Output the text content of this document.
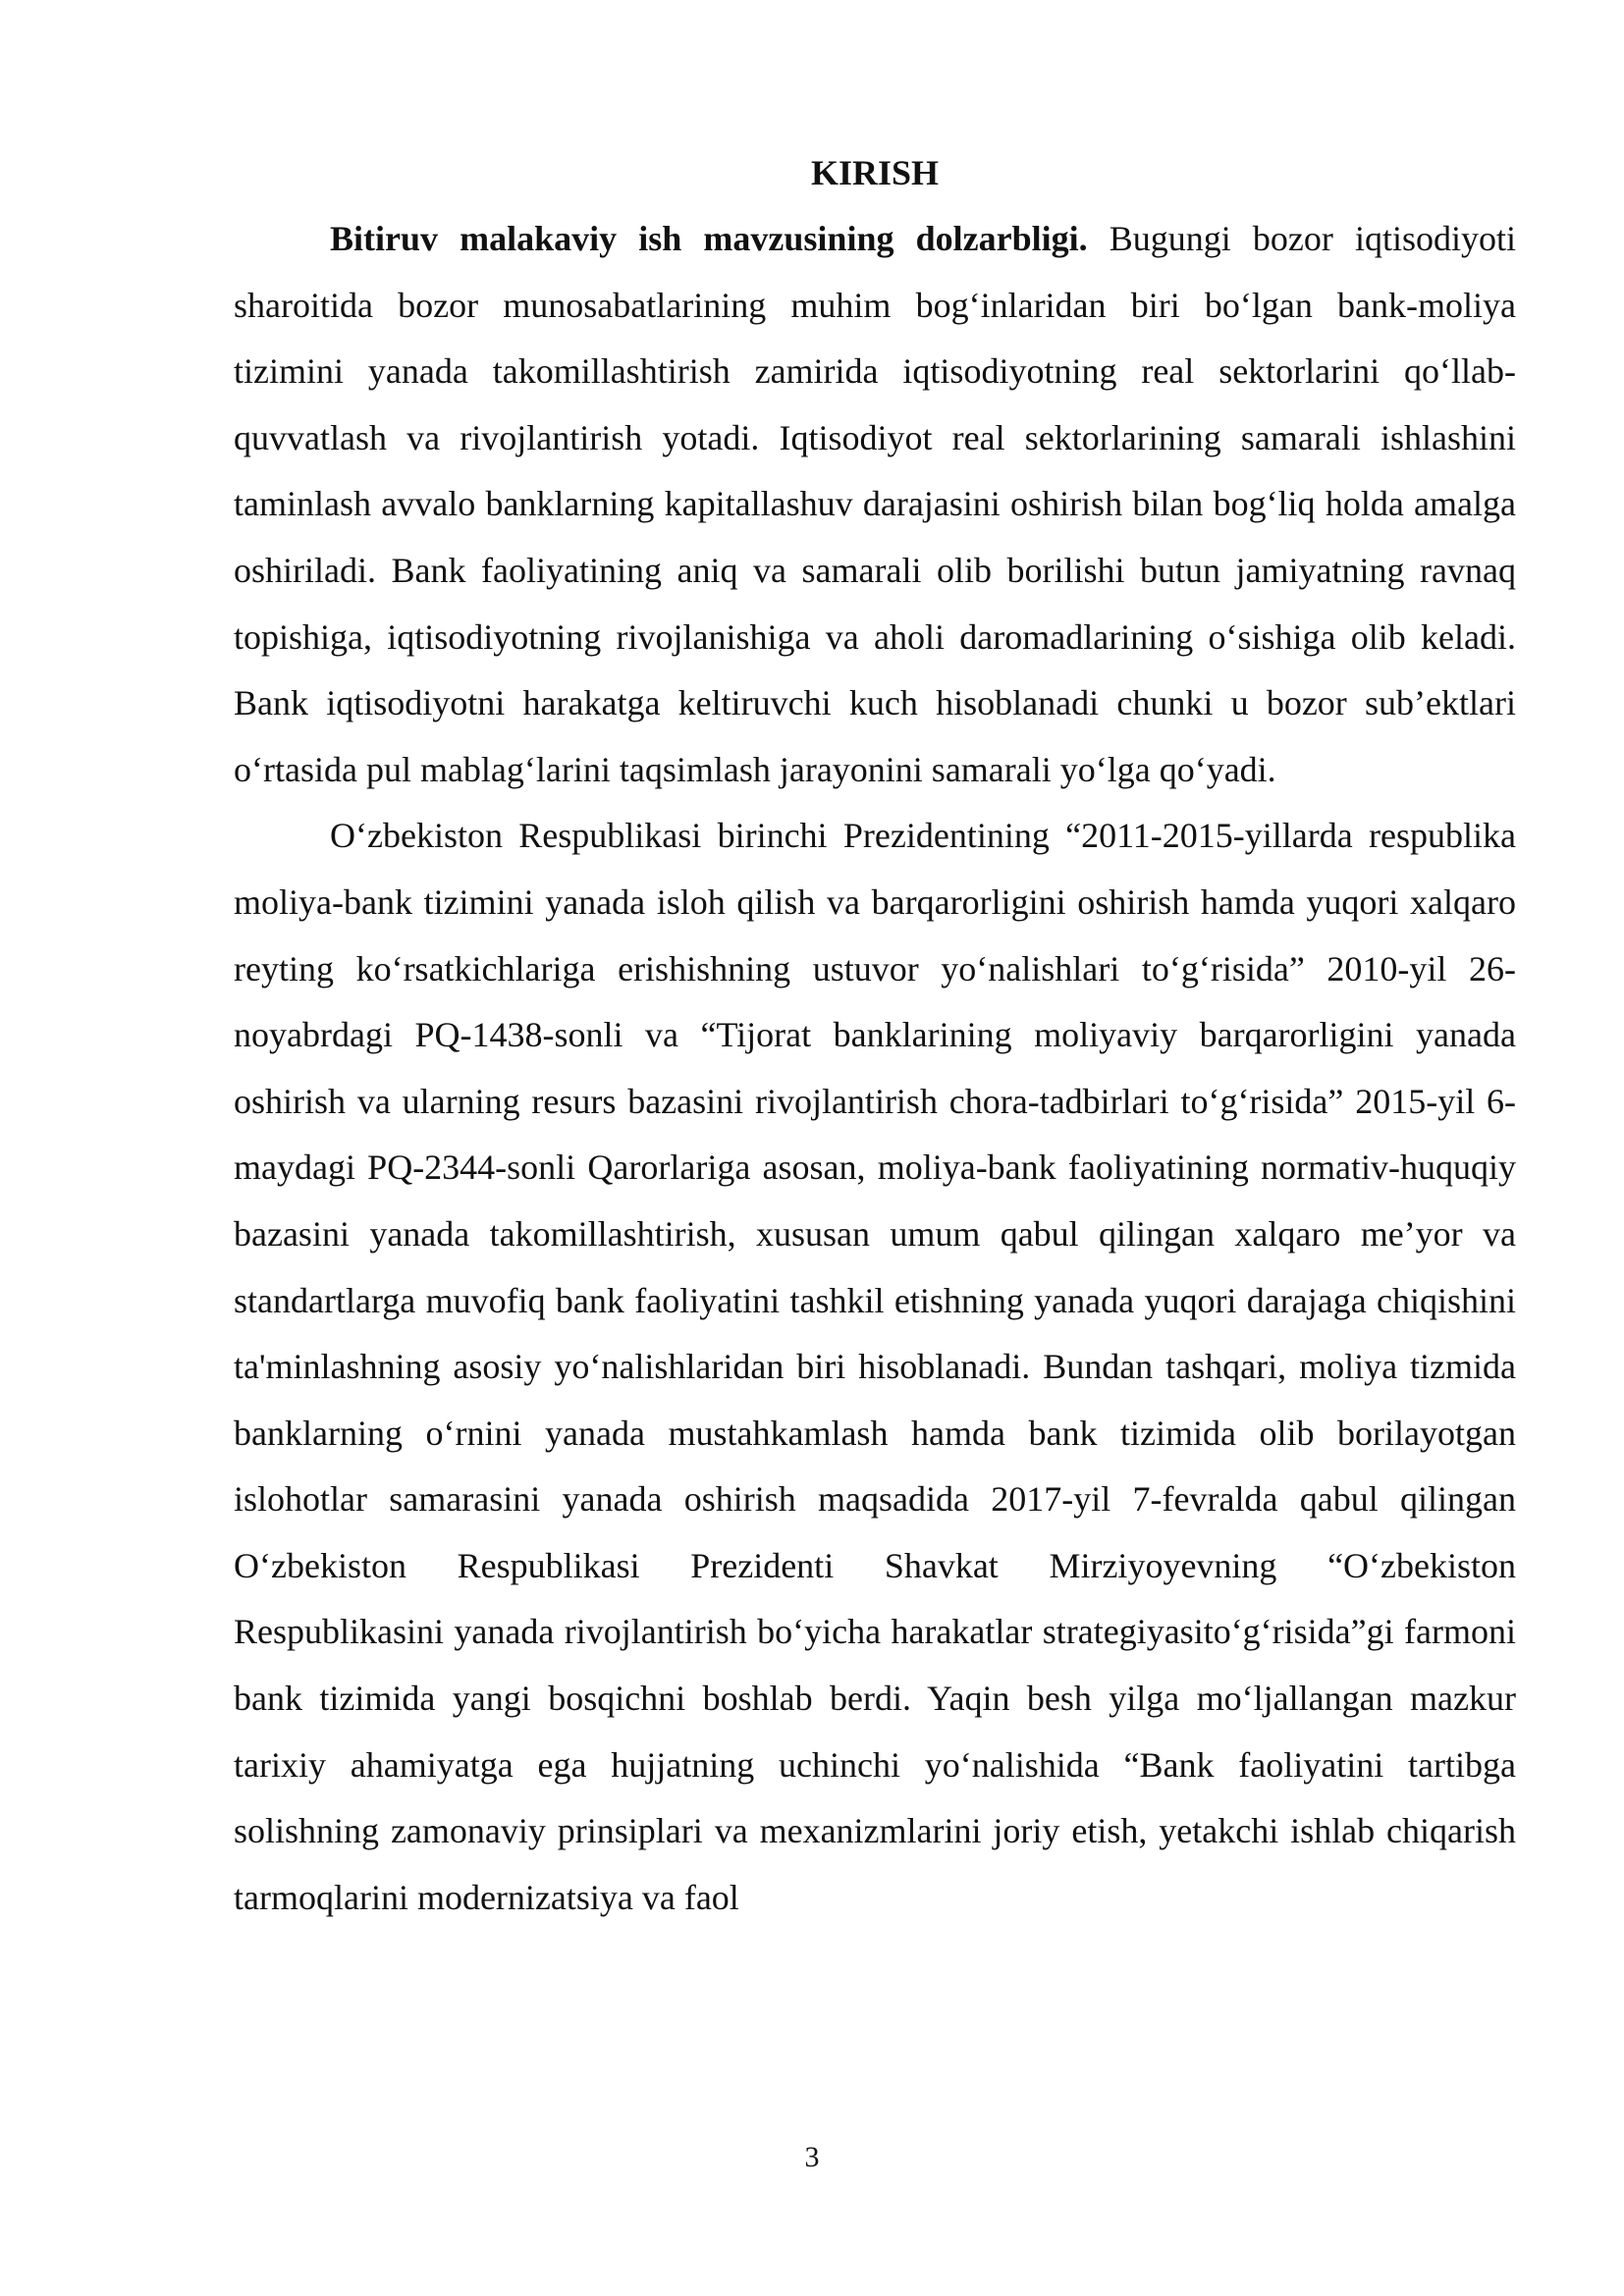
KIRISH

Bitiruv malakaviy ish mavzusining dolzarbligi. Bugungi bozor iqtisodiyoti sharoitida bozor munosabatlarining muhim bog‘inlaridan biri bo‘lgan bank-moliya tizimini yanada takomillashtirish zamirida iqtisodiyotning real sektorlarini qo‘llab-quvvatlash va rivojlantirish yotadi. Iqtisodiyot real sektorlarining samarali ishlashini taminlash avvalo banklarning kapitallashuv darajasini oshirish bilan bog‘liq holda amalga oshiriladi. Bank faoliyatining aniq va samarali olib borilishi butun jamiyatning ravnaq topishiga, iqtisodiyotning rivojlanishiga va aholi daromadlarining o‘sishiga olib keladi. Bank iqtisodiyotni harakatga keltiruvchi kuch hisoblanadi chunki u bozor sub’ektlari o‘rtasida pul mablag‘larini taqsimlash jarayonini samarali yo‘lga qo‘yadi.

O‘zbekiston Respublikasi birinchi Prezidentining “2011-2015-yillarda respublika moliya-bank tizimini yanada isloh qilish va barqarorligini oshirish hamda yuqori xalqaro reyting ko‘rsatkichlariga erishishning ustuvor yo‘nalishlari to‘g‘risida” 2010-yil 26-noyabrdagi PQ-1438-sonli va “Tijorat banklarining moliyaviy barqarorligini yanada oshirish va ularning resurs bazasini rivojlantirish chora-tadbirlari to‘g‘risida” 2015-yil 6-maydagi PQ-2344-sonli Qarorlariga asosan, moliya-bank faoliyatining normativ-huquqiy bazasini yanada takomillashtirish, xususan umum qabul qilingan xalqaro me’yor va standartlarga muvofiq bank faoliyatini tashkil etishning yanada yuqori darajaga chiqishini ta'minlashning asosiy yo‘nalishlaridan biri hisoblanadi. Bundan tashqari, moliya tizmida banklarning o‘rnini yanada mustahkamlash hamda bank tizimida olib borilayotgan islohotlar samarasini yanada oshirish maqsadida 2017-yil 7-fevralda qabul qilingan O‘zbekiston Respublikasi Prezidenti Shavkat Mirziyoyevning “O‘zbekiston Respublikasini yanada rivojlantirish bo‘yicha harakatlar strategiyasito‘g‘risida”gi farmoni bank tizimida yangi bosqichni boshlab berdi. Yaqin besh yilga mo‘ljallangan mazkur tarixiy ahamiyatga ega hujjatning uchinchi yo‘nalishida “Bank faoliyatini tartibga solishning zamonaviy prinsiplari va mexanizmlarini joriy etish, yetakchi ishlab chiqarish tarmoqlarini modernizatsiya va faol

3
